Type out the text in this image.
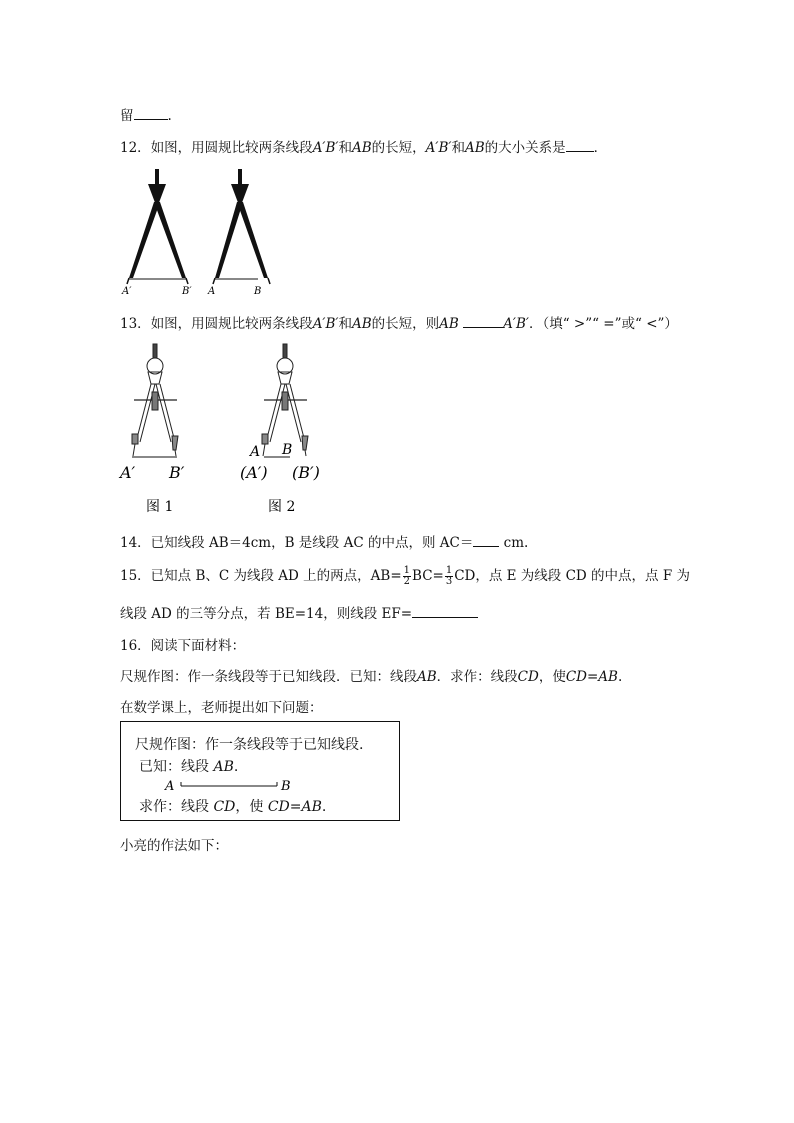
留	.
12．如图，用圆规比较两条线段A′B′和AB的长短，A′B′和AB的大小关系是 ．
A′	B′ A	B
13．如图，用圆规比较两条线段A′B′和AB的长短，则AB	A′B′．（填“ >”“ =”或“ <”）
A′ B′
图 1
A B
(A′) (B′)
图 2
14．已知线段 AB＝4cm，B 是线段 AC 的中点，则 AC＝ cm.
15．已知点 B、C 为线段 AD 上的两点，$AB= \frac{1}{2} BC= \frac{1}{3}$ CD，点 E 为线段 CD 的中点，点 F 为
线段 AD 的三等分点，若 BE=14，则线段 EF=
16．阅读下面材料：
尺规作图：作一条线段等于已知线段．已知：线段AB．求作：线段CD，使CD=AB.
在数学课上，老师提出如下问题：
尺规作图：作一条线段等于已知线段.
已知：线段 AB.
A	B
求作：线段 CD，使 CD=AB.
小亮的作法如下：
